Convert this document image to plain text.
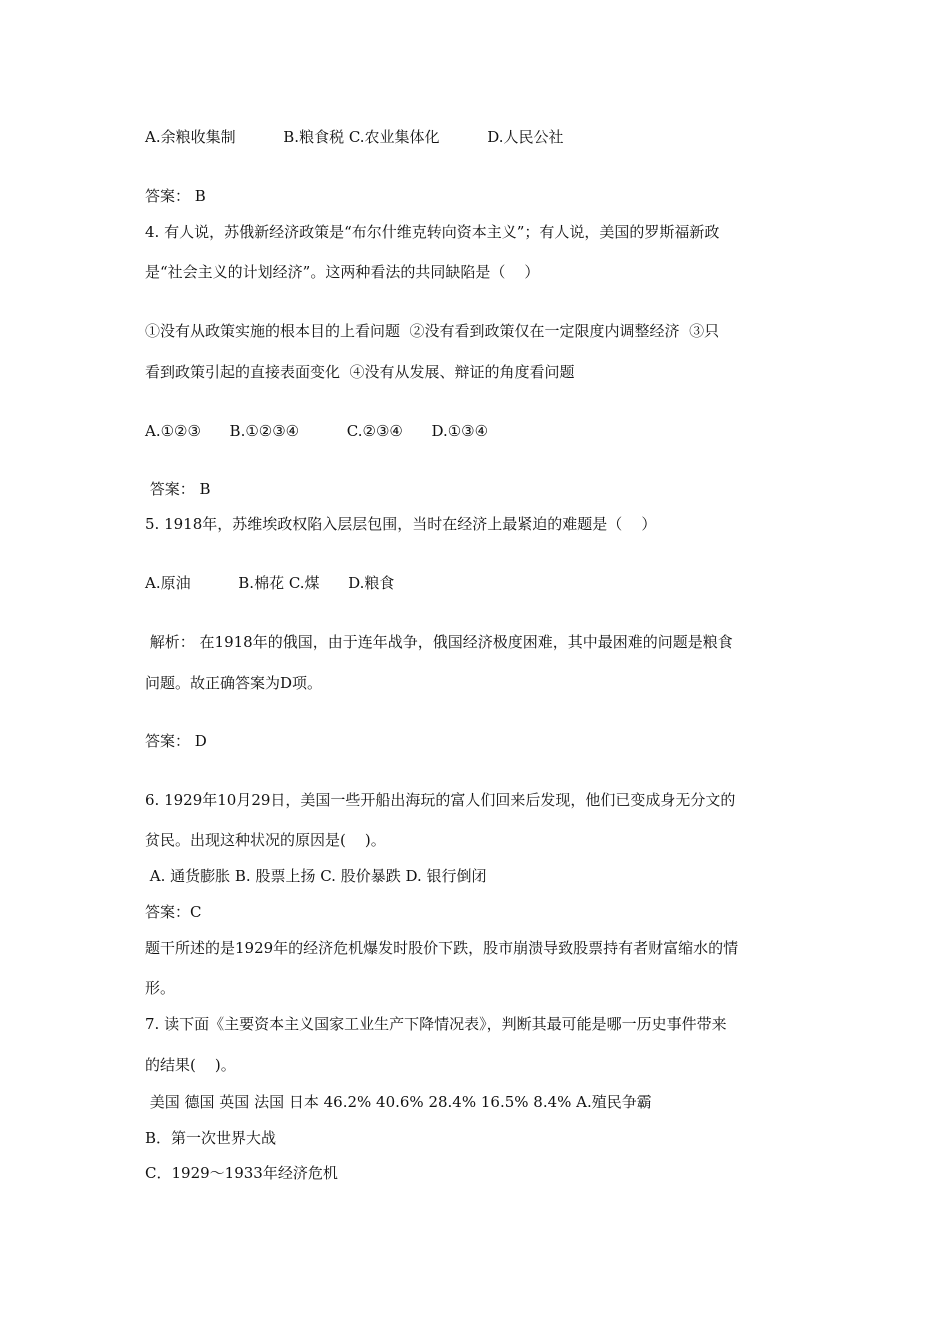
A.余粮收集制          B.粮食税 C.农业集体化          D.人民公社
答案： B
4. 有人说，苏俄新经济政策是“布尔什维克转向资本主义”；有人说，美国的罗斯福新政
是“社会主义的计划经济”。这两种看法的共同缺陷是（    ）
①没有从政策实施的根本目的上看问题  ②没有看到政策仅在一定限度内调整经济  ③只
看到政策引起的直接表面变化  ④没有从发展、辩证的角度看问题
A.①②③      B.①②③④          C.②③④      D.①③④
答案： B
5. 1918年，苏维埃政权陷入层层包围，当时在经济上最紧迫的难题是（    ）
A.原油          B.棉花 C.煤      D.粮食
解析： 在1918年的俄国，由于连年战争，俄国经济极度困难，其中最困难的问题是粮食
问题。故正确答案为D项。
答案： D
6. 1929年10月29日，美国一些开船出海玩的富人们回来后发现，他们已变成身无分文的
贫民。出现这种状况的原因是(    )。
A. 通货膨胀 B. 股票上扬 C. 股价暴跌 D. 银行倒闭
答案：C
题干所述的是1929年的经济危机爆发时股价下跌，股市崩溃导致股票持有者财富缩水的情
形。
7. 读下面《主要资本主义国家工业生产下降情况表》，判断其最可能是哪一历史事件带来
的结果(    )。
美国 德国 英国 法国 日本 46.2% 40.6% 28.4% 16.5% 8.4% A.殖民争霸
B．第一次世界大战
C．1929～1933年经济危机
